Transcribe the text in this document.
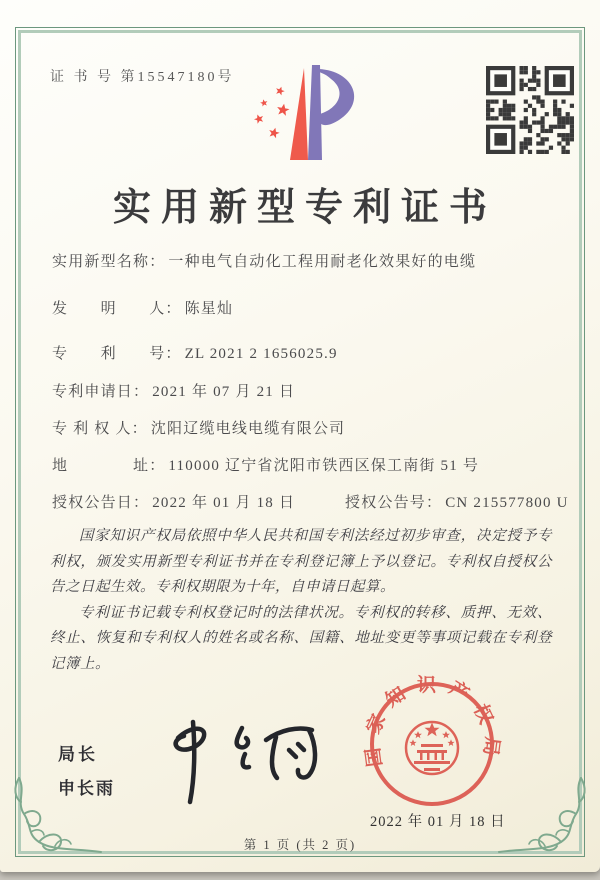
证 书 号 第15547180号
实用新型专利证书
实用新型名称： 一种电气自动化工程用耐老化效果好的电缆
发　　明　　人： 陈星灿
专　　利　　号： ZL 2021 2 1656025.9
专利申请日： 2021 年 07 月 21 日
专 利 权 人： 沈阳辽缆电线电缆有限公司
地　　　　址： 110000 辽宁省沈阳市铁西区保工南街 51 号
授权公告日： 2022 年 01 月 18 日	授权公告号： CN 215577800 U

国家知识产权局依照中华人民共和国专利法经过初步审查，决定授予专利权，颁发实用新型专利证书并在专利登记簿上予以登记。专利权自授权公告之日起生效。专利权期限为十年，自申请日起算。

专利证书记载专利权登记时的法律状况。专利权的转移、质押、无效、终止、恢复和专利权人的姓名或名称、国籍、地址变更等事项记载在专利登记簿上。

局长
申长雨
国家知识产权局
2022 年 01 月 18 日
第 1 页 (共 2 页)
